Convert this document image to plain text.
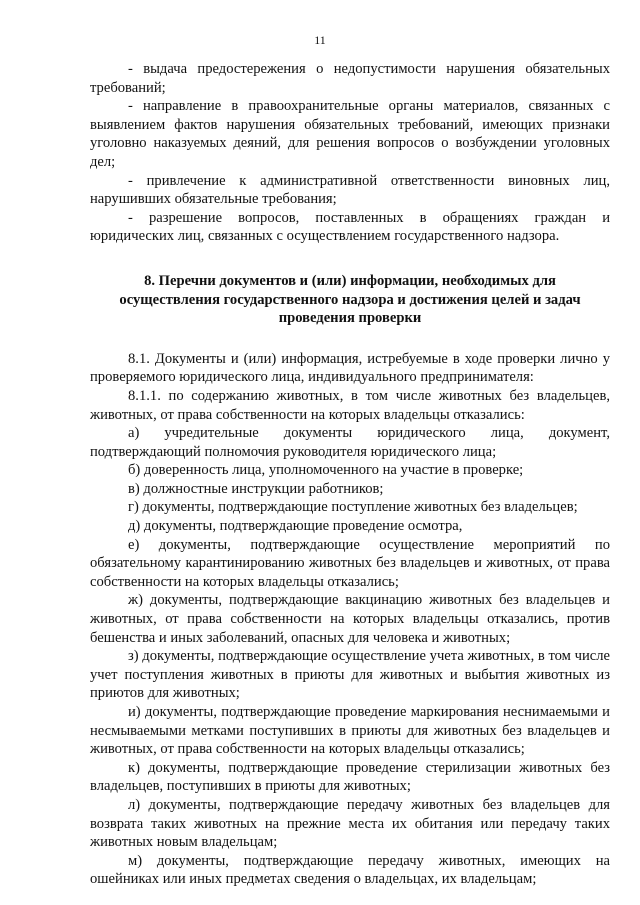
11

- выдача предостережения о недопустимости нарушения обязательных требований;

- направление в правоохранительные органы материалов, связанных с выявлением фактов нарушения обязательных требований, имеющих признаки уголовно наказуемых деяний, для решения вопросов о возбуждении уголовных дел;

- привлечение к административной ответственности виновных лиц, нарушивших обязательные требования;

- разрешение вопросов, поставленных в обращениях граждан и юридических лиц, связанных с осуществлением государственного надзора.

8. Перечни документов и (или) информации, необходимых для
осуществления государственного надзора и достижения целей и задач
проведения проверки

8.1. Документы и (или) информация, истребуемые в ходе проверки лично у проверяемого юридического лица, индивидуального предпринимателя:

8.1.1. по содержанию животных, в том числе животных без владельцев, животных, от права собственности на которых владельцы отказались:

а) учредительные документы юридического лица, документ, подтверждающий полномочия руководителя юридического лица;

б) доверенность лица, уполномоченного на участие в проверке;

в) должностные инструкции работников;

г) документы, подтверждающие поступление животных без владельцев;

д) документы, подтверждающие проведение осмотра,

е) документы, подтверждающие осуществление мероприятий по обязательному карантинированию животных без владельцев и животных, от права собственности на которых владельцы отказались;

ж) документы, подтверждающие вакцинацию животных без владельцев и животных, от права собственности на которых владельцы отказались, против бешенства и иных заболеваний, опасных для человека и животных;

з) документы, подтверждающие осуществление учета животных, в том числе учет поступления животных в приюты для животных и выбытия животных из приютов для животных;

и) документы, подтверждающие проведение маркирования неснимаемыми и несмываемыми метками поступивших в приюты для животных без владельцев и животных, от права собственности на которых владельцы отказались;

к) документы, подтверждающие проведение стерилизации животных без владельцев, поступивших в приюты для животных;

л) документы, подтверждающие передачу животных без владельцев для возврата таких животных на прежние места их обитания или передачу таких животных новым владельцам;

м) документы, подтверждающие передачу животных, имеющих на ошейниках или иных предметах сведения о владельцах, их владельцам;
